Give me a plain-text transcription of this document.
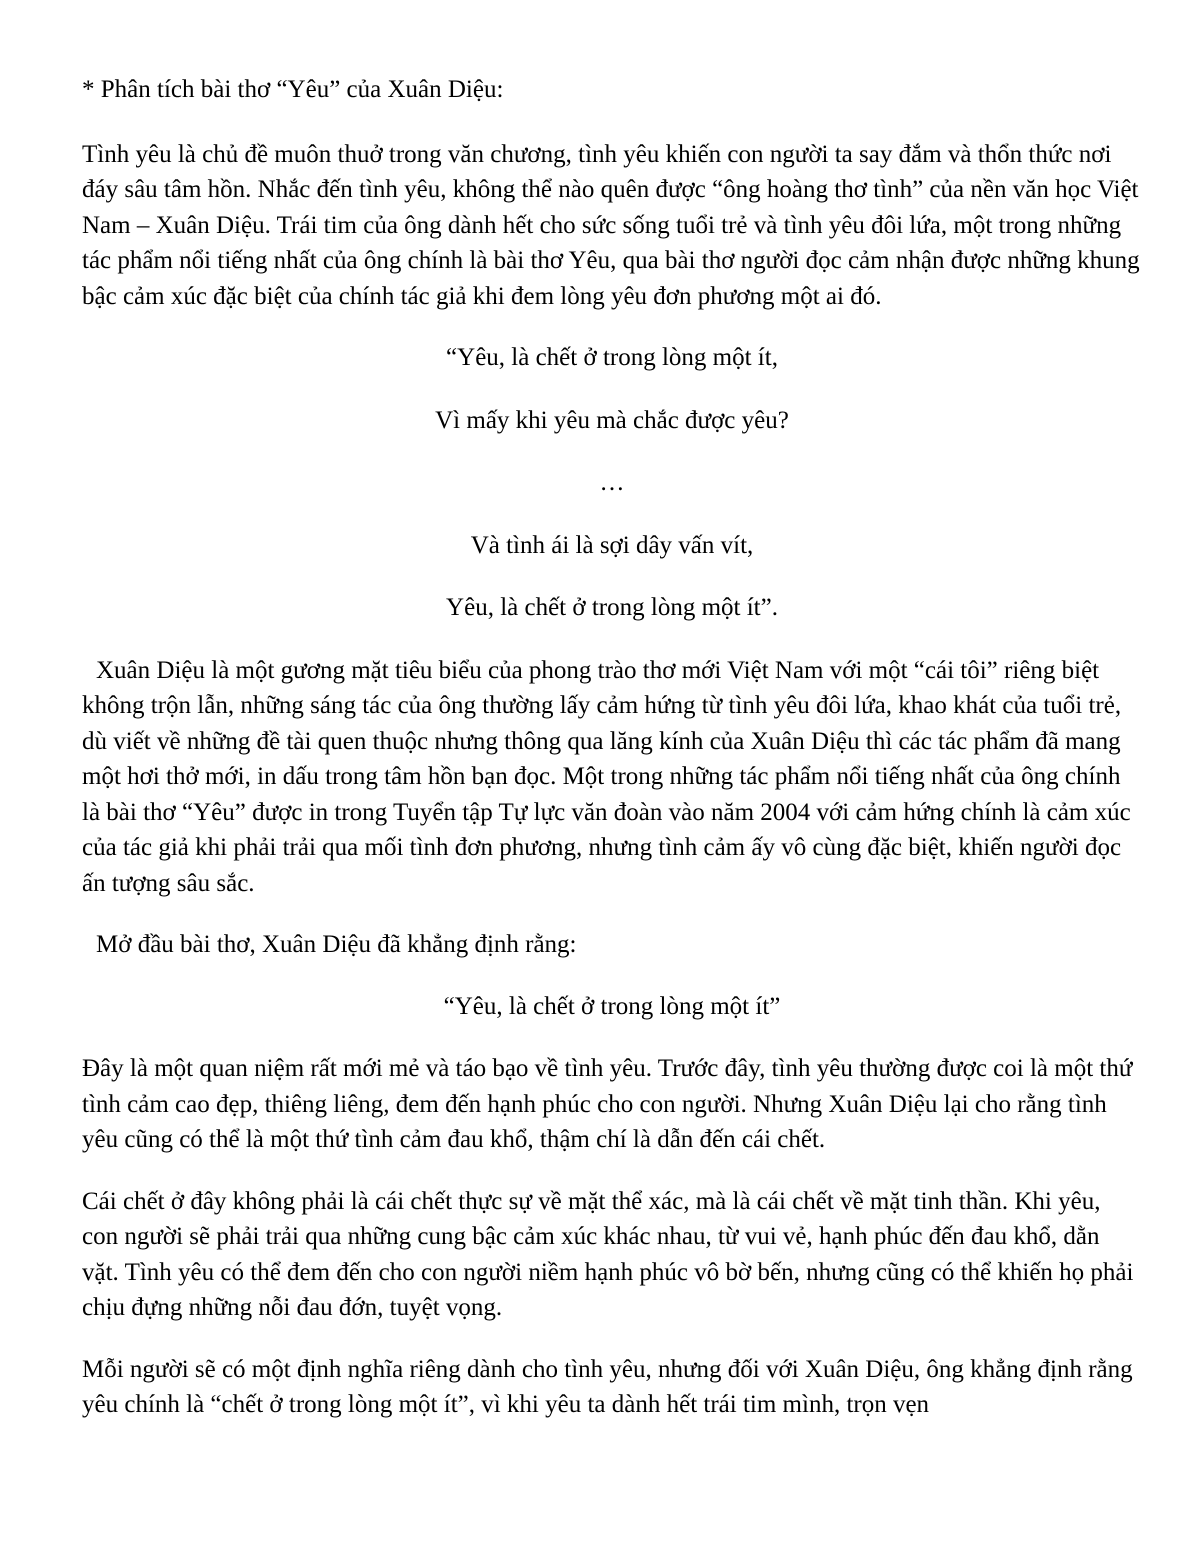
* Phân tích bài thơ “Yêu” của Xuân Diệu:

Tình yêu là chủ đề muôn thuở trong văn chương, tình yêu khiến con người ta say đắm và thổn thức nơi đáy sâu tâm hồn. Nhắc đến tình yêu, không thể nào quên được “ông hoàng thơ tình” của nền văn học Việt Nam – Xuân Diệu. Trái tim của ông dành hết cho sức sống tuổi trẻ và tình yêu đôi lứa, một trong những tác phẩm nổi tiếng nhất của ông chính là bài thơ Yêu, qua bài thơ người đọc cảm nhận được những khung bậc cảm xúc đặc biệt của chính tác giả khi đem lòng yêu đơn phương một ai đó.

“Yêu, là chết ở trong lòng một ít,

Vì mấy khi yêu mà chắc được yêu?

…

Và tình ái là sợi dây vấn vít,

Yêu, là chết ở trong lòng một ít”.

Xuân Diệu là một gương mặt tiêu biểu của phong trào thơ mới Việt Nam với một “cái tôi” riêng biệt không trộn lẫn, những sáng tác của ông thường lấy cảm hứng từ tình yêu đôi lứa, khao khát của tuổi trẻ, dù viết về những đề tài quen thuộc nhưng thông qua lăng kính của Xuân Diệu thì các tác phẩm đã mang một hơi thở mới, in dấu trong tâm hồn bạn đọc. Một trong những tác phẩm nổi tiếng nhất của ông chính là bài thơ “Yêu” được in trong Tuyển tập Tự lực văn đoàn vào năm 2004 với cảm hứng chính là cảm xúc của tác giả khi phải trải qua mối tình đơn phương, nhưng tình cảm ấy vô cùng đặc biệt, khiến người đọc ấn tượng sâu sắc.

Mở đầu bài thơ, Xuân Diệu đã khẳng định rằng:

“Yêu, là chết ở trong lòng một ít”

Đây là một quan niệm rất mới mẻ và táo bạo về tình yêu. Trước đây, tình yêu thường được coi là một thứ tình cảm cao đẹp, thiêng liêng, đem đến hạnh phúc cho con người. Nhưng Xuân Diệu lại cho rằng tình yêu cũng có thể là một thứ tình cảm đau khổ, thậm chí là dẫn đến cái chết.

Cái chết ở đây không phải là cái chết thực sự về mặt thể xác, mà là cái chết về mặt tinh thần. Khi yêu, con người sẽ phải trải qua những cung bậc cảm xúc khác nhau, từ vui vẻ, hạnh phúc đến đau khổ, dằn vặt. Tình yêu có thể đem đến cho con người niềm hạnh phúc vô bờ bến, nhưng cũng có thể khiến họ phải chịu đựng những nỗi đau đớn, tuyệt vọng.

Mỗi người sẽ có một định nghĩa riêng dành cho tình yêu, nhưng đối với Xuân Diệu, ông khẳng định rằng yêu chính là “chết ở trong lòng một ít”, vì khi yêu ta dành hết trái tim mình, trọn vẹn
